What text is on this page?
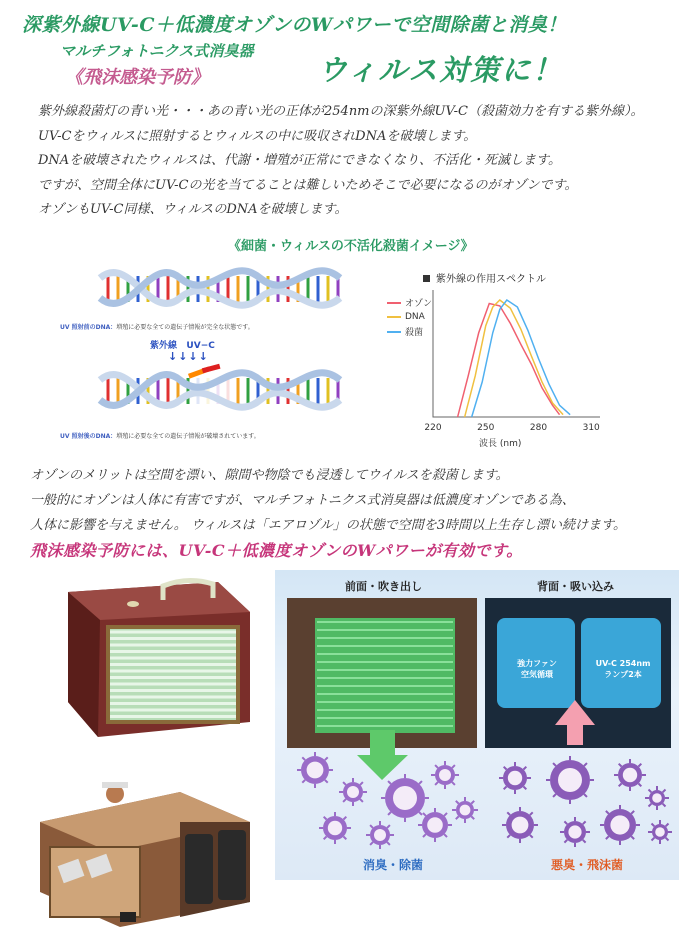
深紫外線UV-C＋低濃度オゾンのWパワーで空間除菌と消臭！
マルチフォトニクス式消臭器
《飛沫感染予防》	ウィルス対策に！

紫外線殺菌灯の青い光・・・あの青い光の正体が254nmの深紫外線UV-C（殺菌効力を有する紫外線）。

UV-Cをウィルスに照射するとウィルスの中に吸収されDNAを破壊します。

DNAを破壊されたウィルスは、代謝・増殖が正常にできなくなり、不活化・死滅します。

ですが、空間全体にUV-Cの光を当てることは難しいためそこで必要になるのがオゾンです。

オゾンもUV-C同様、ウィルスのDNAを破壊します。

《細菌・ウィルスの不活化殺菌イメージ》
UV 照射前のDNA：増殖に必要な全ての遺伝子情報が完全な状態です。
紫外線 UV−C
↓↓↓↓
UV 照射後のDNA：増殖に必要な全ての遺伝子情報が破壊されています。
紫外線の作用スペクトル
220	250	280	310
オゾン
DNA
殺菌
波長 (nm)

オゾンのメリットは空間を漂い、隙間や物陰でも浸透してウイルスを殺菌します。

一般的にオゾンは人体に有害ですが、マルチフォトニクス式消臭器は低濃度オゾンである為、

人体に影響を与えません。 ウィルスは「エアロゾル」の状態で空間を3時間以上生存し漂い続けます。

飛沫感染予防には、UV-C＋低濃度オゾンのWパワーが有効です。
前面・吹き出し	背面・吸い込み
強力ファン
空気循環
UV-C 254nm
ランプ2本
消臭・除菌	悪臭・飛沫菌
